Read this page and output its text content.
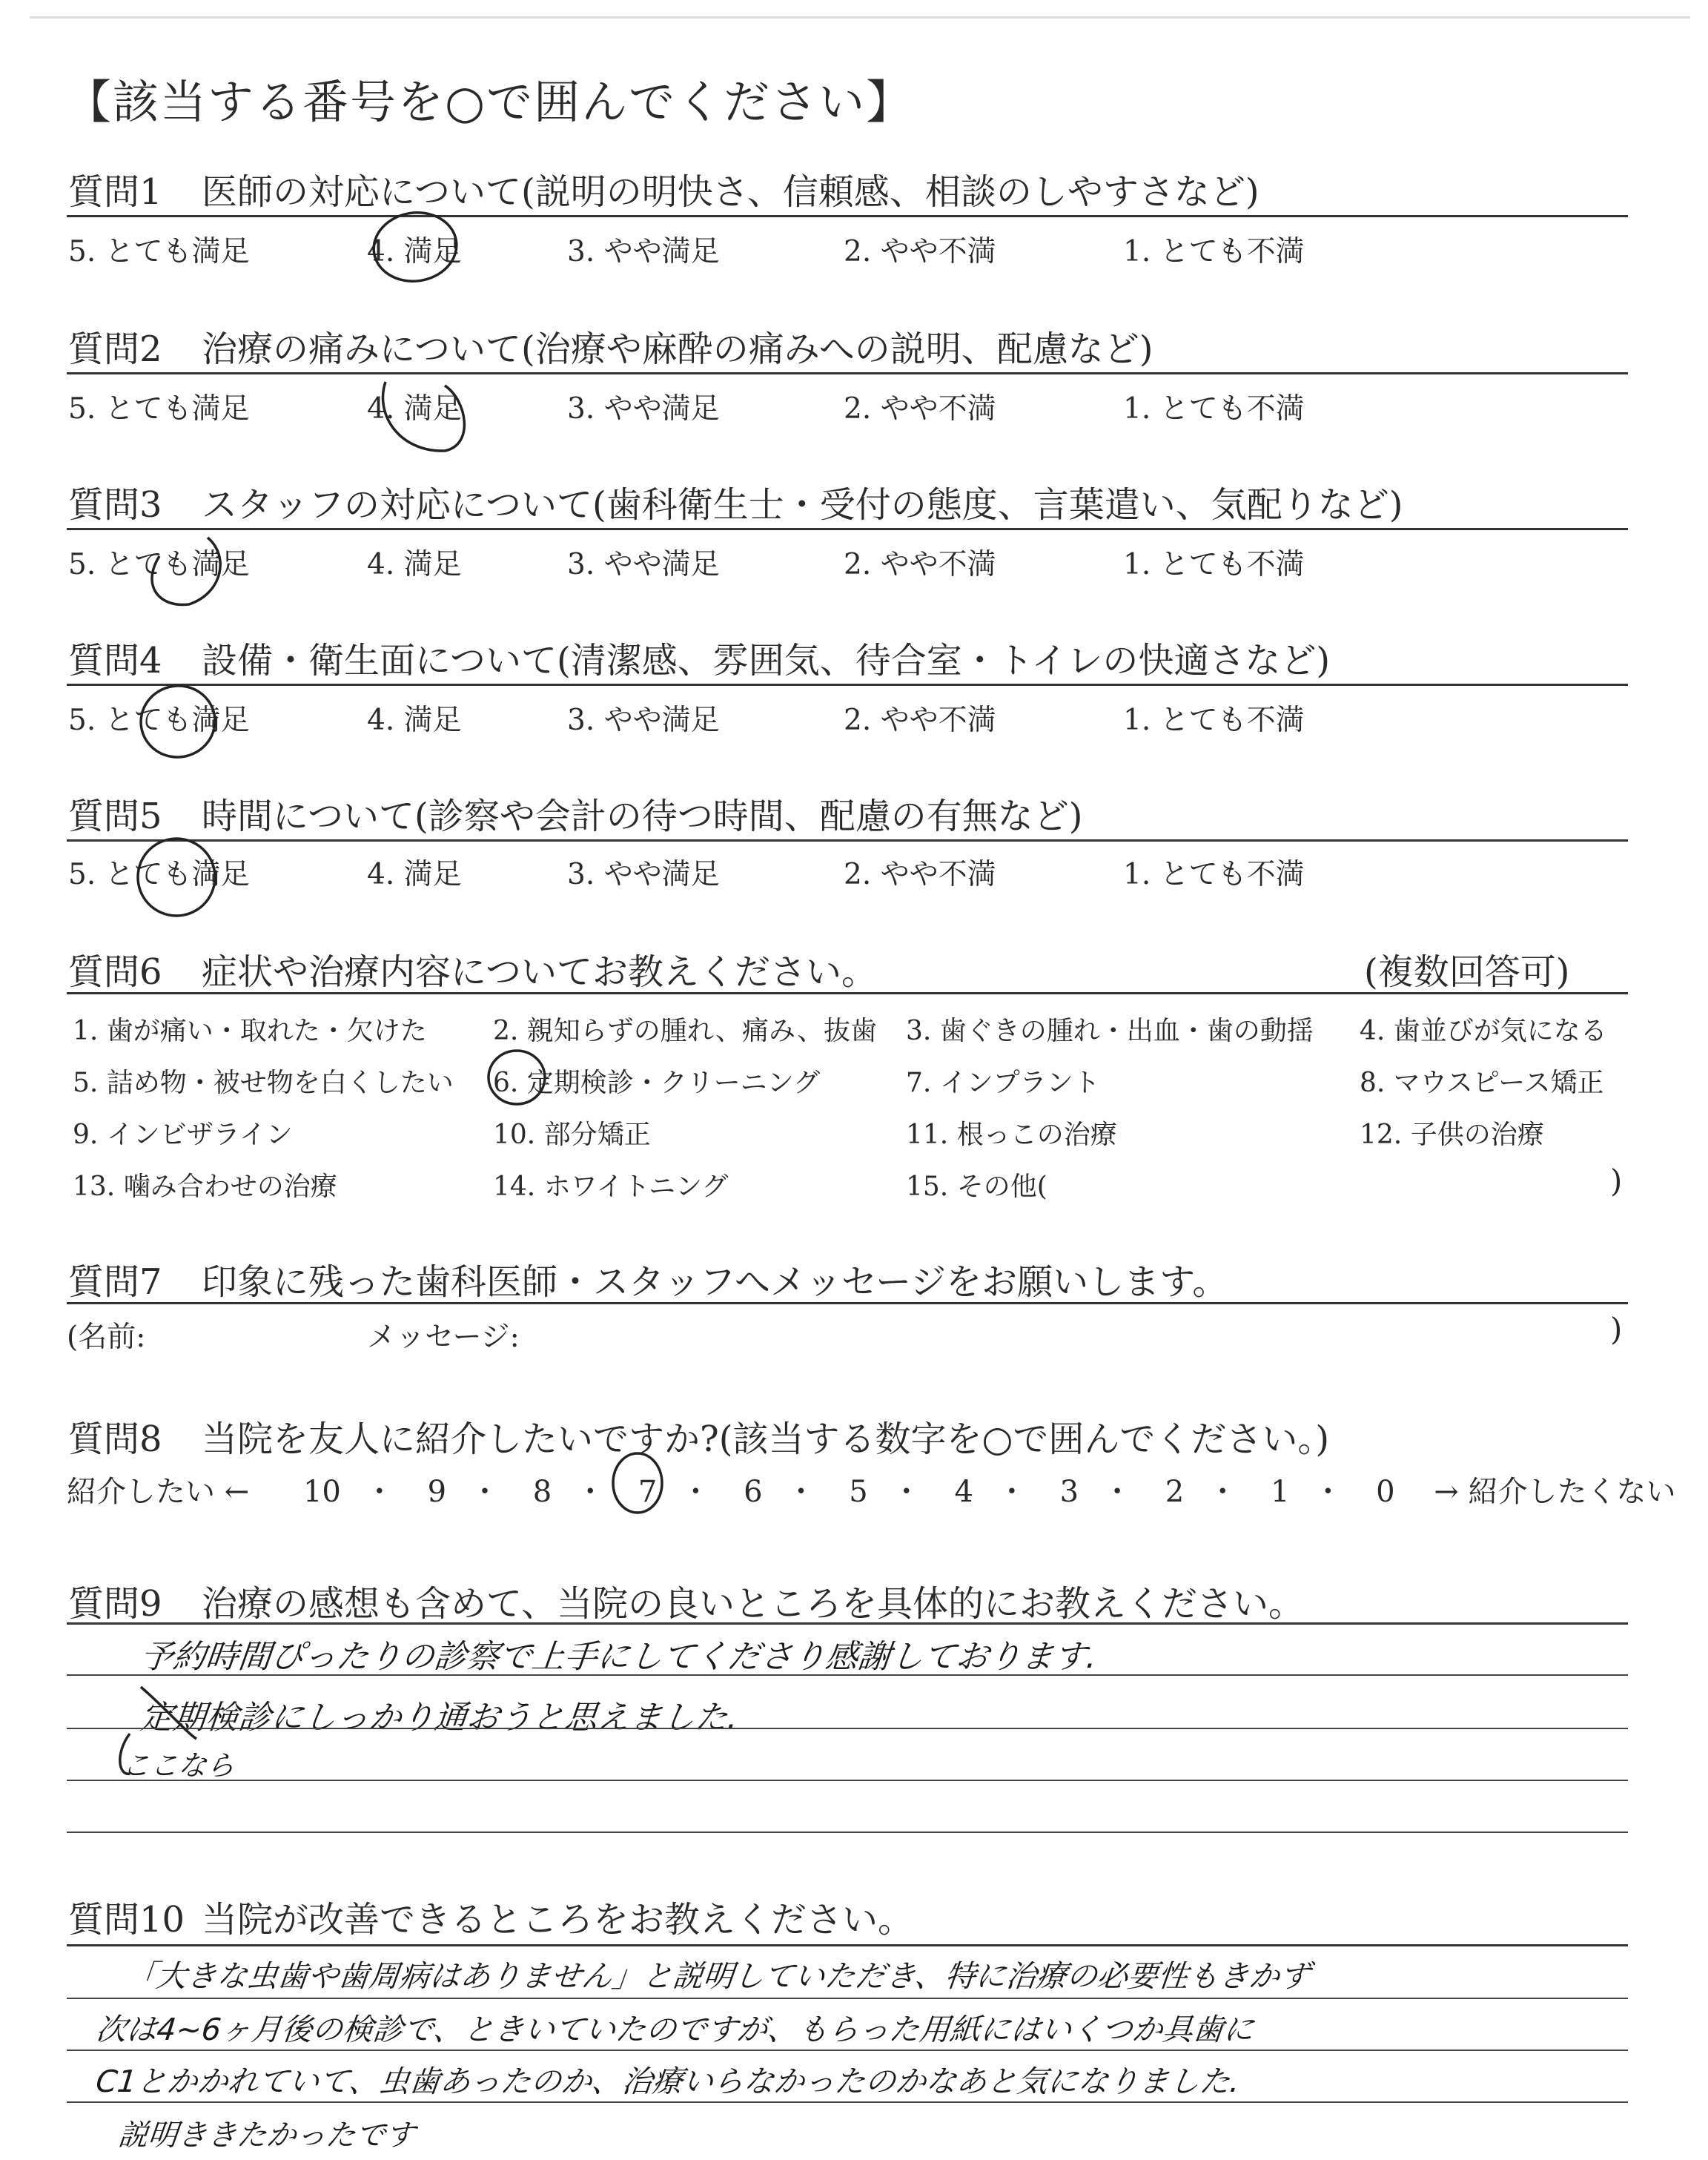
【該当する番号を○で囲んでください】
質問1 医師の対応について(説明の明快さ、信頼感、相談のしやすさなど)
5. とても満足	4. 満足	3. やや満足	2. やや不満	1. とても不満
質問2 治療の痛みについて(治療や麻酔の痛みへの説明、配慮など)
5. とても満足	4. 満足	3. やや満足	2. やや不満	1. とても不満
質問3 スタッフの対応について(歯科衛生士・受付の態度、言葉遣い、気配りなど)
5. とても満足	4. 満足	3. やや満足	2. やや不満	1. とても不満
質問4 設備・衛生面について(清潔感、雰囲気、待合室・トイレの快適さなど)
5. とても満足	4. 満足	3. やや満足	2. やや不満	1. とても不満
質問5 時間について(診察や会計の待つ時間、配慮の有無など)
5. とても満足	4. 満足	3. やや満足	2. やや不満	1. とても不満
質問6 症状や治療内容についてお教えください。	(複数回答可)
1. 歯が痛い・取れた・欠けた 2. 親知らずの腫れ、痛み、抜歯 3. 歯ぐきの腫れ・出血・歯の動揺 4. 歯並びが気になる
5. 詰め物・被せ物を白くしたい 6. 定期検診・クリーニング	7. インプラント	8. マウスピース矯正
9. インビザライン	10. 部分矯正	11. 根っこの治療	12. 子供の治療
13. 噛み合わせの治療	14. ホワイトニング	15. その他(	)
質問7 印象に残った歯科医師・スタッフへメッセージをお願いします。
(名前:	メッセージ:	)
質問8 当院を友人に紹介したいですか?(該当する数字を○で囲んでください。)
紹介したい ← 10 ・ 9 ・ 8 ・ 7 ・ 6 ・ 5 ・ 4 ・ 3 ・ 2 ・ 1 ・ 0 → 紹介したくない
質問9 治療の感想も含めて、当院の良いところを具体的にお教えください。
予約時間ぴったりの診察で上手にしてくださり感謝しております.
定期検診にしっかり通おうと思えました.
ここなら
質問10 当院が改善できるところをお教えください。
「大きな虫歯や歯周病はありません」と説明していただき、特に治療の必要性もきかず
次は4~6ヶ月後の検診で、ときいていたのですが、もらった用紙にはいくつか具歯に
C1とかかれていて、虫歯あったのか、治療いらなかったのかなあと気になりました.
説明ききたかったです
